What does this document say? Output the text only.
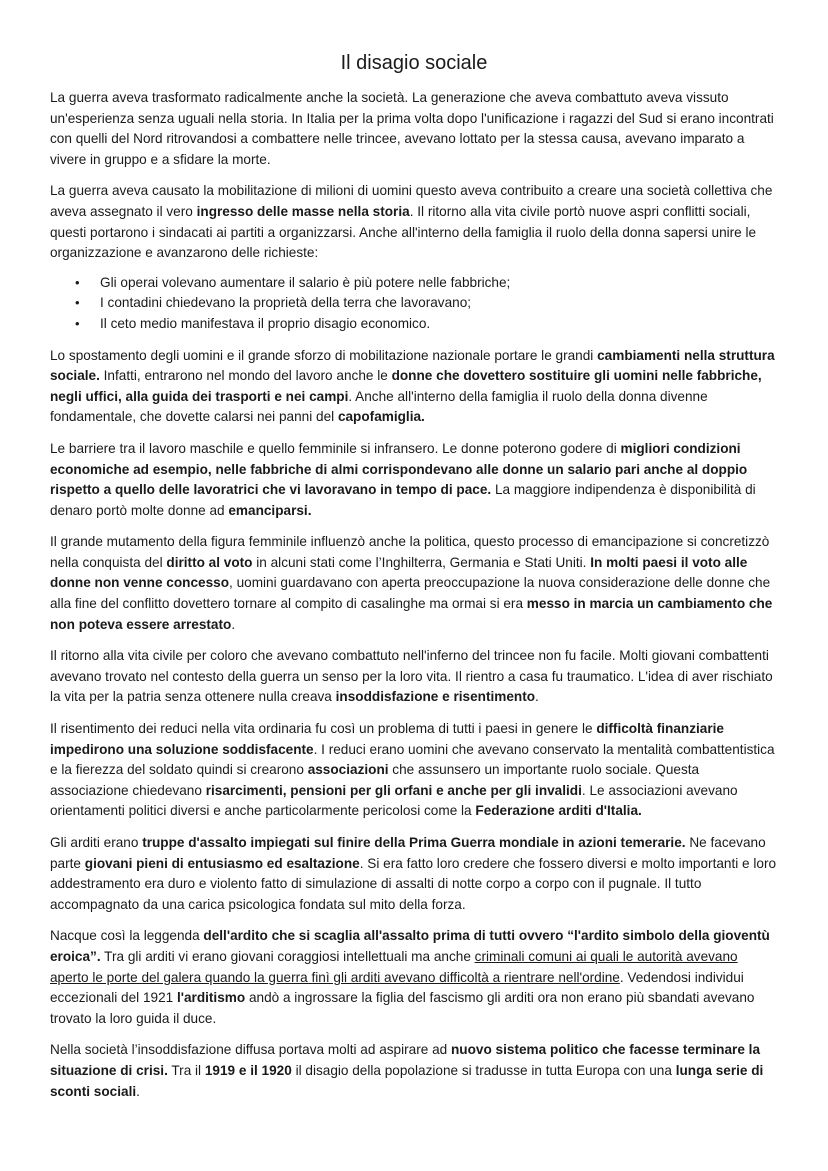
Il disagio sociale

La guerra aveva trasformato radicalmente anche la società. La generazione che aveva combattuto aveva vissuto un'esperienza senza uguali nella storia. In Italia per la prima volta dopo l'unificazione i ragazzi del Sud si erano incontrati con quelli del Nord ritrovandosi a combattere nelle trincee, avevano lottato per la stessa causa, avevano imparato a vivere in gruppo e a sfidare la morte.

La guerra aveva causato la mobilitazione di milioni di uomini questo aveva contribuito a creare una società collettiva che aveva assegnato il vero ingresso delle masse nella storia. Il ritorno alla vita civile portò nuove aspri conflitti sociali, questi portarono i sindacati ai partiti a organizzarsi. Anche all'interno della famiglia il ruolo della donna sapersi unire le organizzazione e avanzarono delle richieste:

• Gli operai volevano aumentare il salario è più potere nelle fabbriche;
• I contadini chiedevano la proprietà della terra che lavoravano;
• Il ceto medio manifestava il proprio disagio economico.

Lo spostamento degli uomini e il grande sforzo di mobilitazione nazionale portare le grandi cambiamenti nella struttura sociale. Infatti, entrarono nel mondo del lavoro anche le donne che dovettero sostituire gli uomini nelle fabbriche, negli uffici, alla guida dei trasporti e nei campi. Anche all'interno della famiglia il ruolo della donna divenne fondamentale, che dovette calarsi nei panni del capofamiglia.

Le barriere tra il lavoro maschile e quello femminile si infransero. Le donne poterono godere di migliori condizioni economiche ad esempio, nelle fabbriche di almi corrispondevano alle donne un salario pari anche al doppio rispetto a quello delle lavoratrici che vi lavoravano in tempo di pace. La maggiore indipendenza è disponibilità di denaro portò molte donne ad emanciparsi.

Il grande mutamento della figura femminile influenzò anche la politica, questo processo di emancipazione si concretizzò nella conquista del diritto al voto in alcuni stati come l’Inghilterra, Germania e Stati Uniti. In molti paesi il voto alle donne non venne concesso, uomini guardavano con aperta preoccupazione la nuova considerazione delle donne che alla fine del conflitto dovettero tornare al compito di casalinghe ma ormai si era messo in marcia un cambiamento che non poteva essere arrestato.

Il ritorno alla vita civile per coloro che avevano combattuto nell'inferno del trincee non fu facile. Molti giovani combattenti avevano trovato nel contesto della guerra un senso per la loro vita. Il rientro a casa fu traumatico. L'idea di aver rischiato la vita per la patria senza ottenere nulla creava insoddisfazione e risentimento.

Il risentimento dei reduci nella vita ordinaria fu così un problema di tutti i paesi in genere le difficoltà finanziarie impedirono una soluzione soddisfacente. I reduci erano uomini che avevano conservato la mentalità combattentistica e la fierezza del soldato quindi si crearono associazioni che assunsero un importante ruolo sociale. Questa associazione chiedevano risarcimenti, pensioni per gli orfani e anche per gli invalidi. Le associazioni avevano orientamenti politici diversi e anche particolarmente pericolosi come la Federazione arditi d'Italia.

Gli arditi erano truppe d'assalto impiegati sul finire della Prima Guerra mondiale in azioni temerarie. Ne facevano parte giovani pieni di entusiasmo ed esaltazione. Si era fatto loro credere che fossero diversi e molto importanti e loro addestramento era duro e violento fatto di simulazione di assalti di notte corpo a corpo con il pugnale. Il tutto accompagnato da una carica psicologica fondata sul mito della forza.

Nacque così la leggenda dell'ardito che si scaglia all'assalto prima di tutti ovvero “l'ardito simbolo della gioventù eroica”. Tra gli arditi vi erano giovani coraggiosi intellettuali ma anche criminali comuni ai quali le autorità avevano aperto le porte del galera quando la guerra finì gli arditi avevano difficoltà a rientrare nell'ordine. Vedendosi individui eccezionali del 1921 l'arditismo andò a ingrossare la figlia del fascismo gli arditi ora non erano più sbandati avevano trovato la loro guida il duce.

Nella società l’insoddisfazione diffusa portava molti ad aspirare ad nuovo sistema politico che facesse terminare la situazione di crisi. Tra il 1919 e il 1920 il disagio della popolazione si tradusse in tutta Europa con una lunga serie di sconti sociali.
